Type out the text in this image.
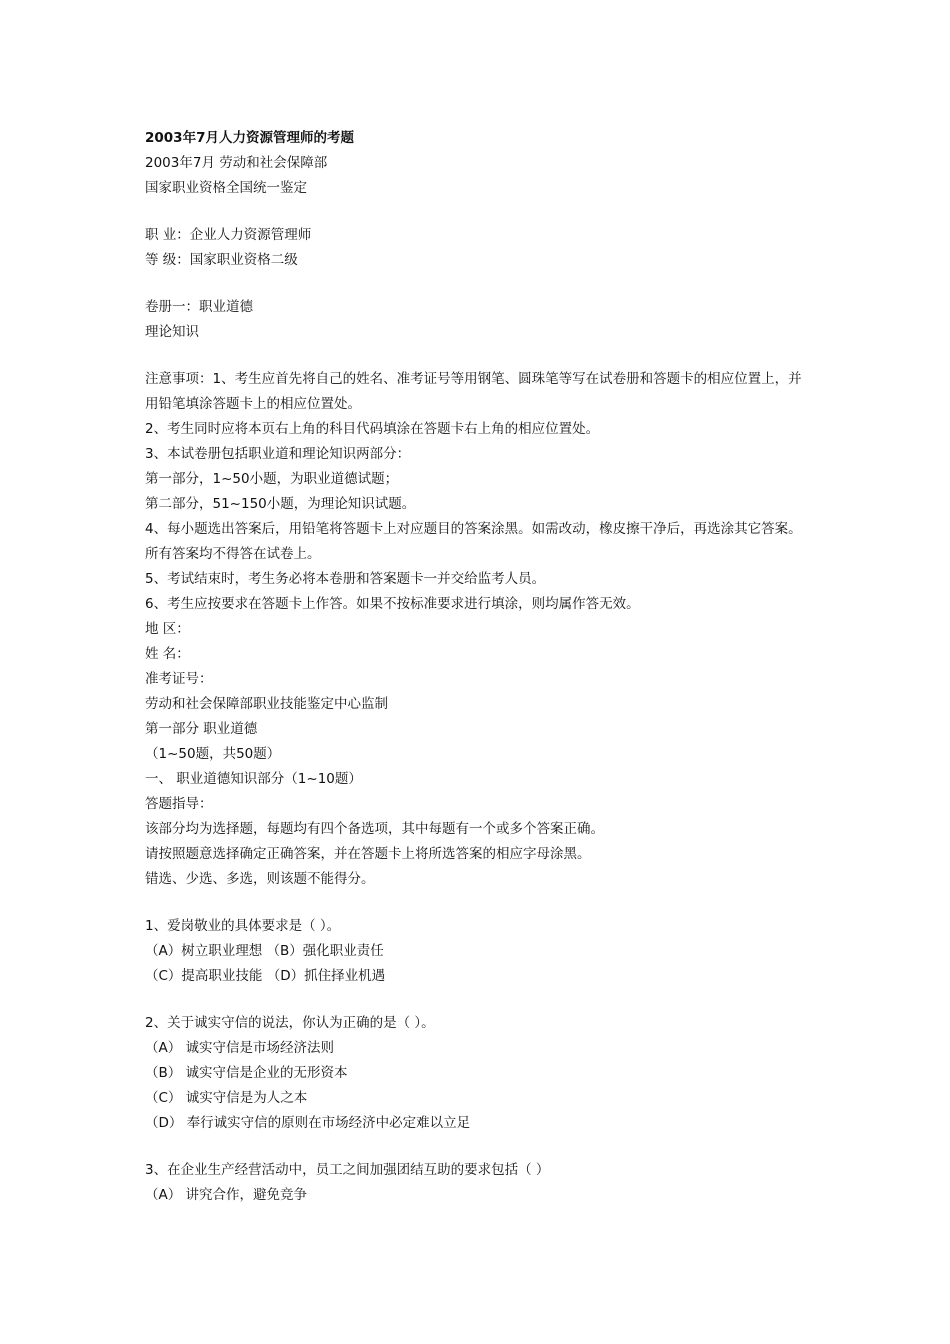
2003年7月人力资源管理师的考题
2003年7月 劳动和社会保障部
国家职业资格全国统一鉴定
职 业：企业人力资源管理师
等 级：国家职业资格二级
卷册一：职业道德
理论知识
注意事项：1、考生应首先将自己的姓名、准考证号等用钢笔、圆珠笔等写在试卷册和答题卡的相应位置上，并用铅笔填涂答题卡上的相应位置处。
2、考生同时应将本页右上角的科目代码填涂在答题卡右上角的相应位置处。
3、本试卷册包括职业道和理论知识两部分：
第一部分，1~50小题，为职业道德试题；
第二部分，51~150小题，为理论知识试题。
4、每小题选出答案后，用铅笔将答题卡上对应题目的答案涂黑。如需改动，橡皮擦干净后，再选涂其它答案。所有答案均不得答在试卷上。
5、考试结束时，考生务必将本卷册和答案题卡一并交给监考人员。
6、考生应按要求在答题卡上作答。如果不按标准要求进行填涂，则均属作答无效。
地 区：
姓 名：
准考证号：
劳动和社会保障部职业技能鉴定中心监制
第一部分 职业道德
（1~50题，共50题）
一、 职业道德知识部分（1~10题）
答题指导：
该部分均为选择题，每题均有四个备选项，其中每题有一个或多个答案正确。
请按照题意选择确定正确答案，并在答题卡上将所选答案的相应字母涂黑。
错选、少选、多选，则该题不能得分。
1、爱岗敬业的具体要求是（ ）。
（A）树立职业理想 （B）强化职业责任
（C）提高职业技能 （D）抓住择业机遇
2、关于诚实守信的说法，你认为正确的是（ ）。
（A） 诚实守信是市场经济法则
（B） 诚实守信是企业的无形资本
（C） 诚实守信是为人之本
（D） 奉行诚实守信的原则在市场经济中必定难以立足
3、在企业生产经营活动中，员工之间加强团结互助的要求包括（ ）
（A） 讲究合作，避免竞争
